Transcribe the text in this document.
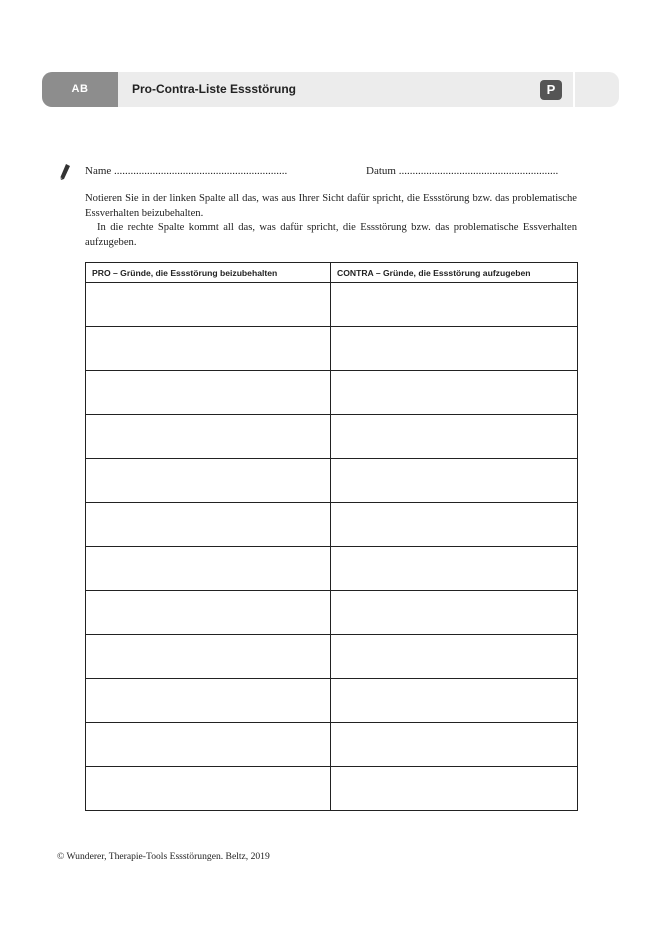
AB	Pro-Contra-Liste Essstörung	P
Name ...............................................................	Datum ..........................................................

Notieren Sie in der linken Spalte all das, was aus Ihrer Sicht dafür spricht, die Essstörung bzw. das problematische Essverhalten beizubehalten.

In die rechte Spalte kommt all das, was dafür spricht, die Essstörung bzw. das problematische Essverhalten aufzugeben.

PRO – Gründe, die Essstörung beizubehalten	CONTRA – Gründe, die Essstörung aufzugeben

© Wunderer, Therapie-Tools Essstörungen. Beltz, 2019
